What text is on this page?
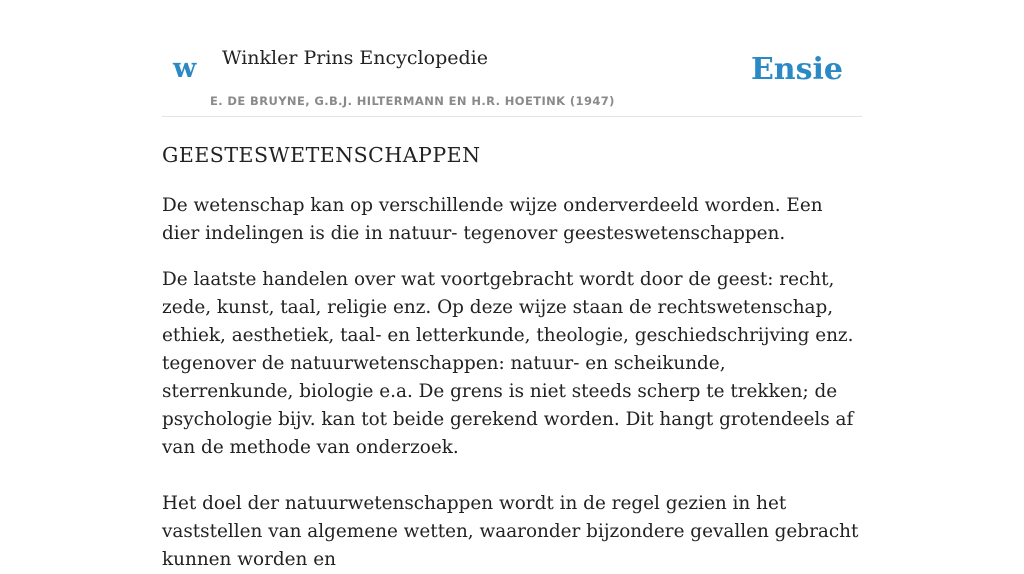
w Winkler Prins Encyclopedie
E. DE BRUYNE, G.B.J. HILTERMANN EN H.R. HOETINK (1947)
Ensie
GEESTESWETENSCHAPPEN

De wetenschap kan op verschillende wijze onderverdeeld worden. Een dier indelingen is die in natuur- tegenover geesteswetenschappen.

De laatste handelen over wat voortgebracht wordt door de geest: recht, zede, kunst, taal, religie enz. Op deze wijze staan de rechtswetenschap, ethiek, aesthetiek, taal- en letterkunde, theologie, geschiedschrijving enz. tegenover de natuurwetenschappen: natuur- en scheikunde, sterrenkunde, biologie e.a. De grens is niet steeds scherp te trekken; de psychologie bijv. kan tot beide gerekend worden. Dit hangt grotendeels af van de methode van onderzoek.

Het doel der natuurwetenschappen wordt in de regel gezien in het vaststellen van algemene wetten, waaronder bijzondere gevallen gebracht kunnen worden en
